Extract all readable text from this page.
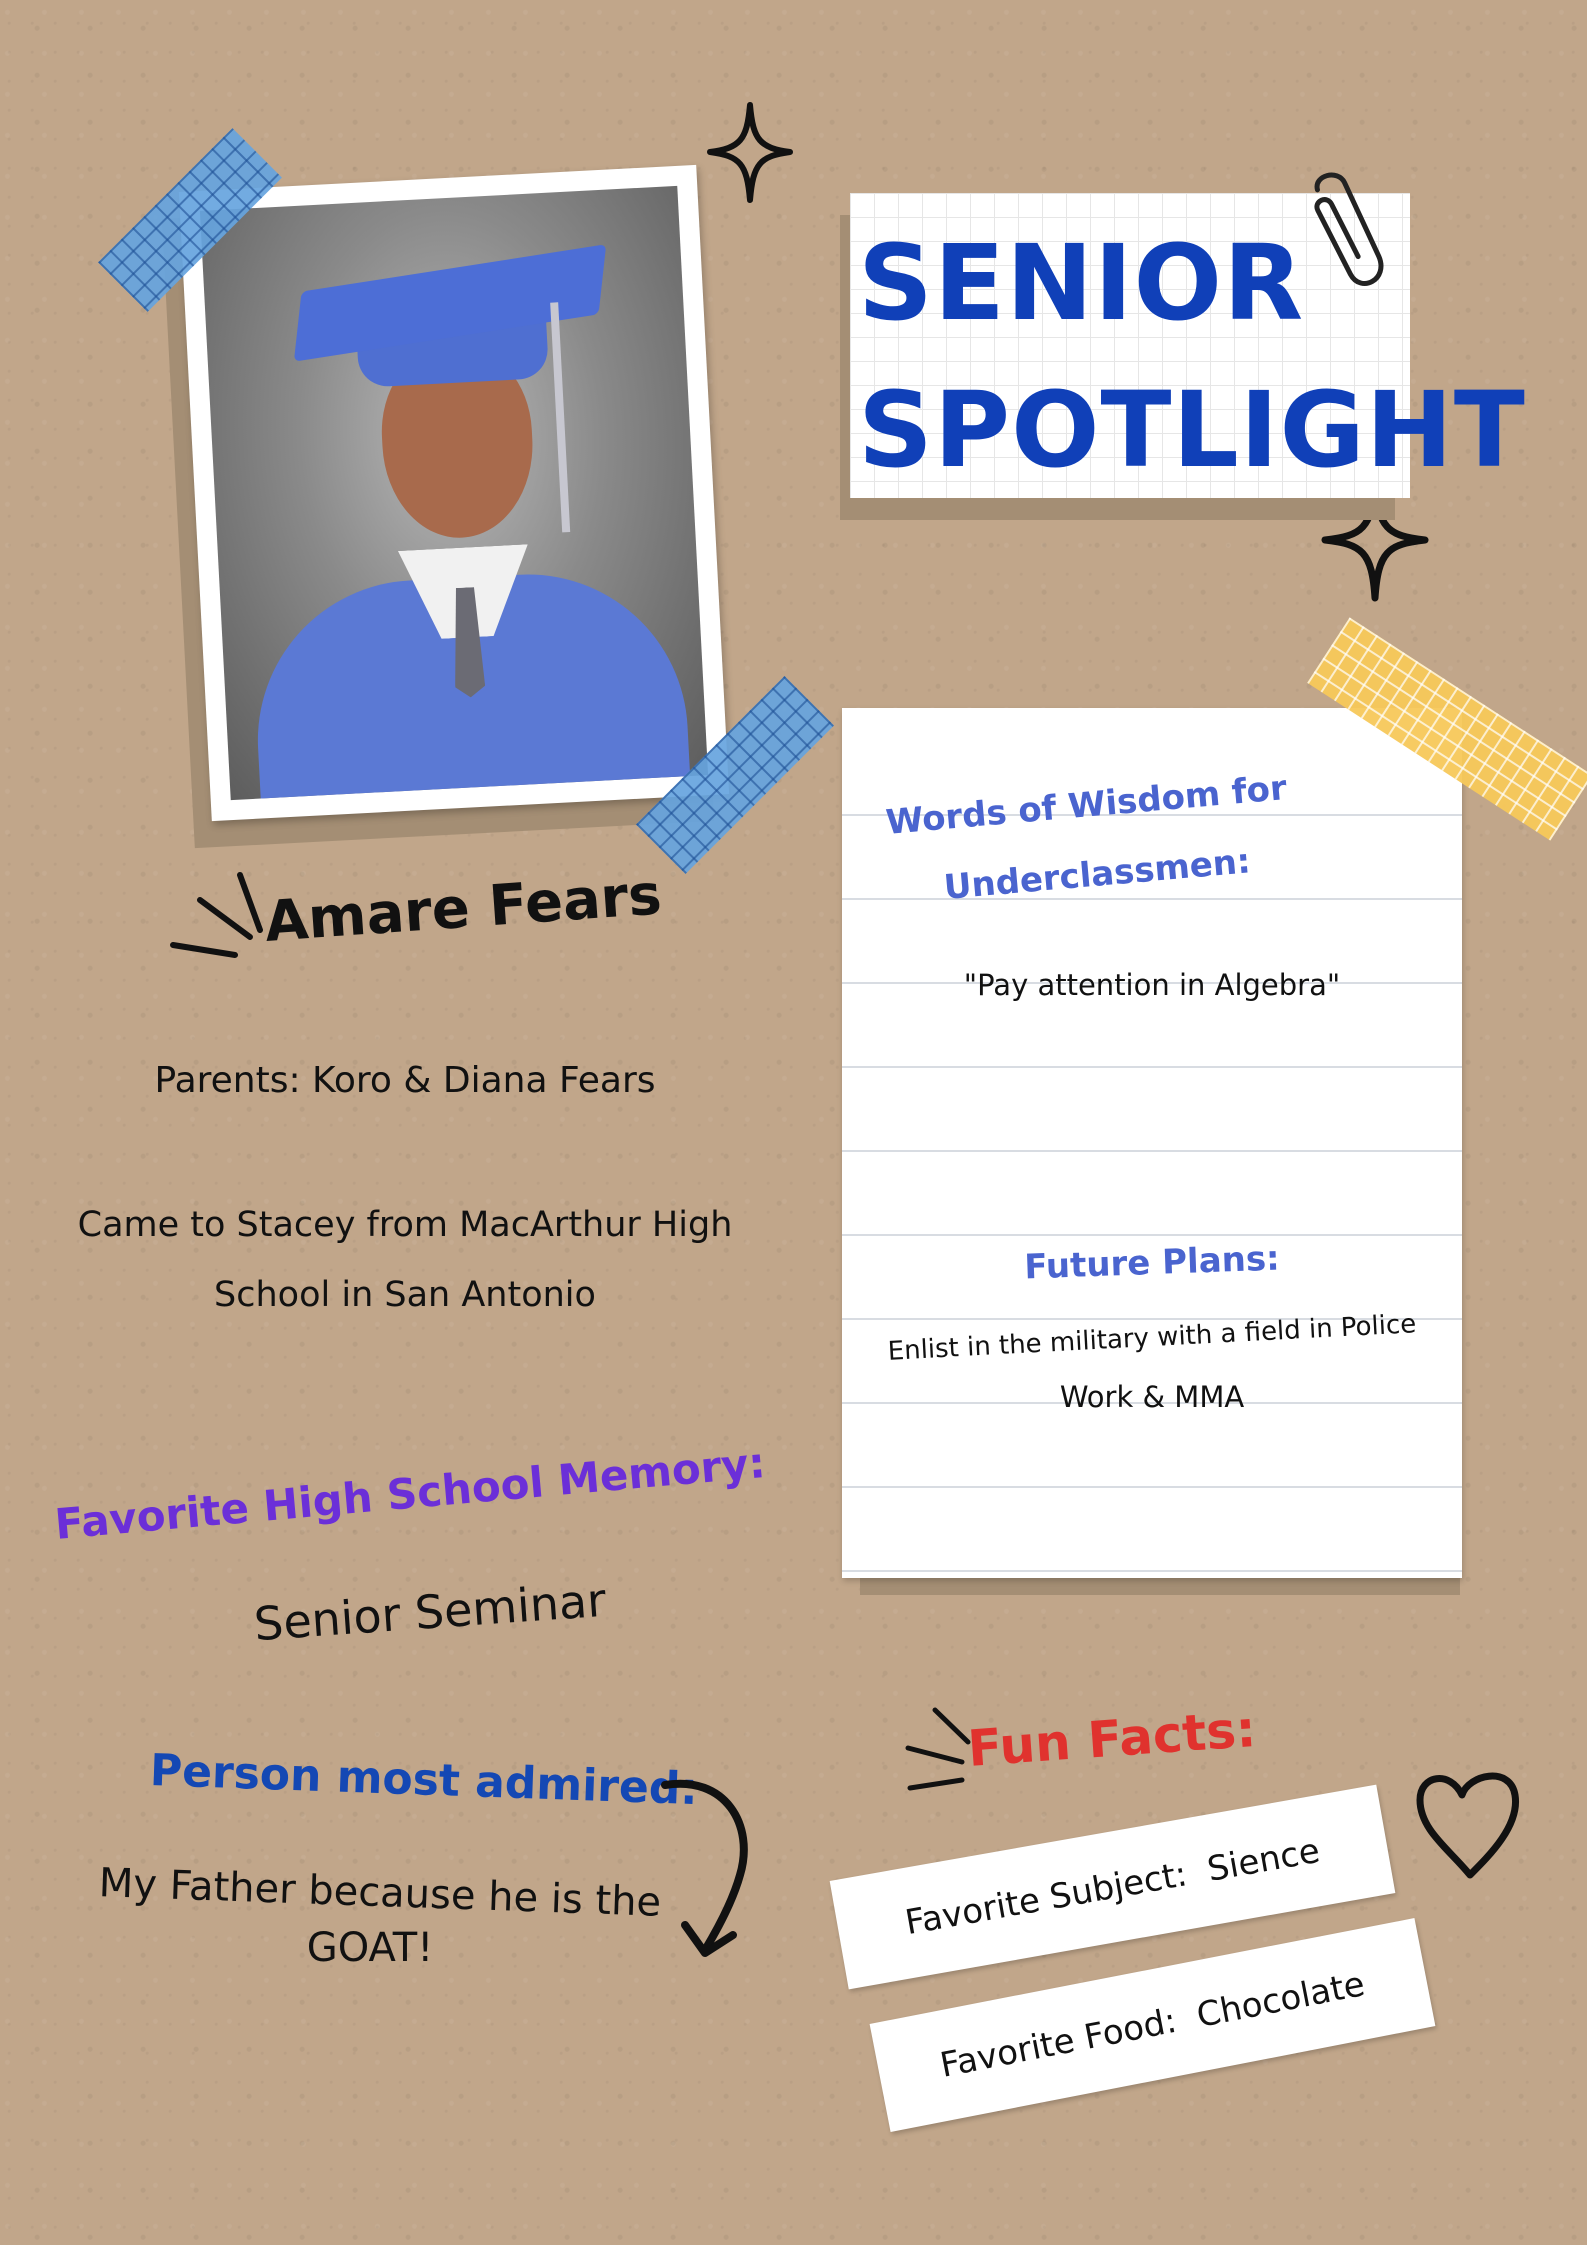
SENIOR
SPOTLIGHT
Words of Wisdom for
Underclassmen:
"Pay attention in Algebra"
Future Plans:
Enlist in the military with a field in Police
Work & MMA
Amare Fears
Parents: Koro & Diana Fears
Came to Stacey from MacArthur High
School in San Antonio
Favorite High School Memory:
Senior Seminar
Person most admired:
My Father because he is the
GOAT!
Fun Facts:
Favorite Subject:  Sience
Favorite Food:  Chocolate
